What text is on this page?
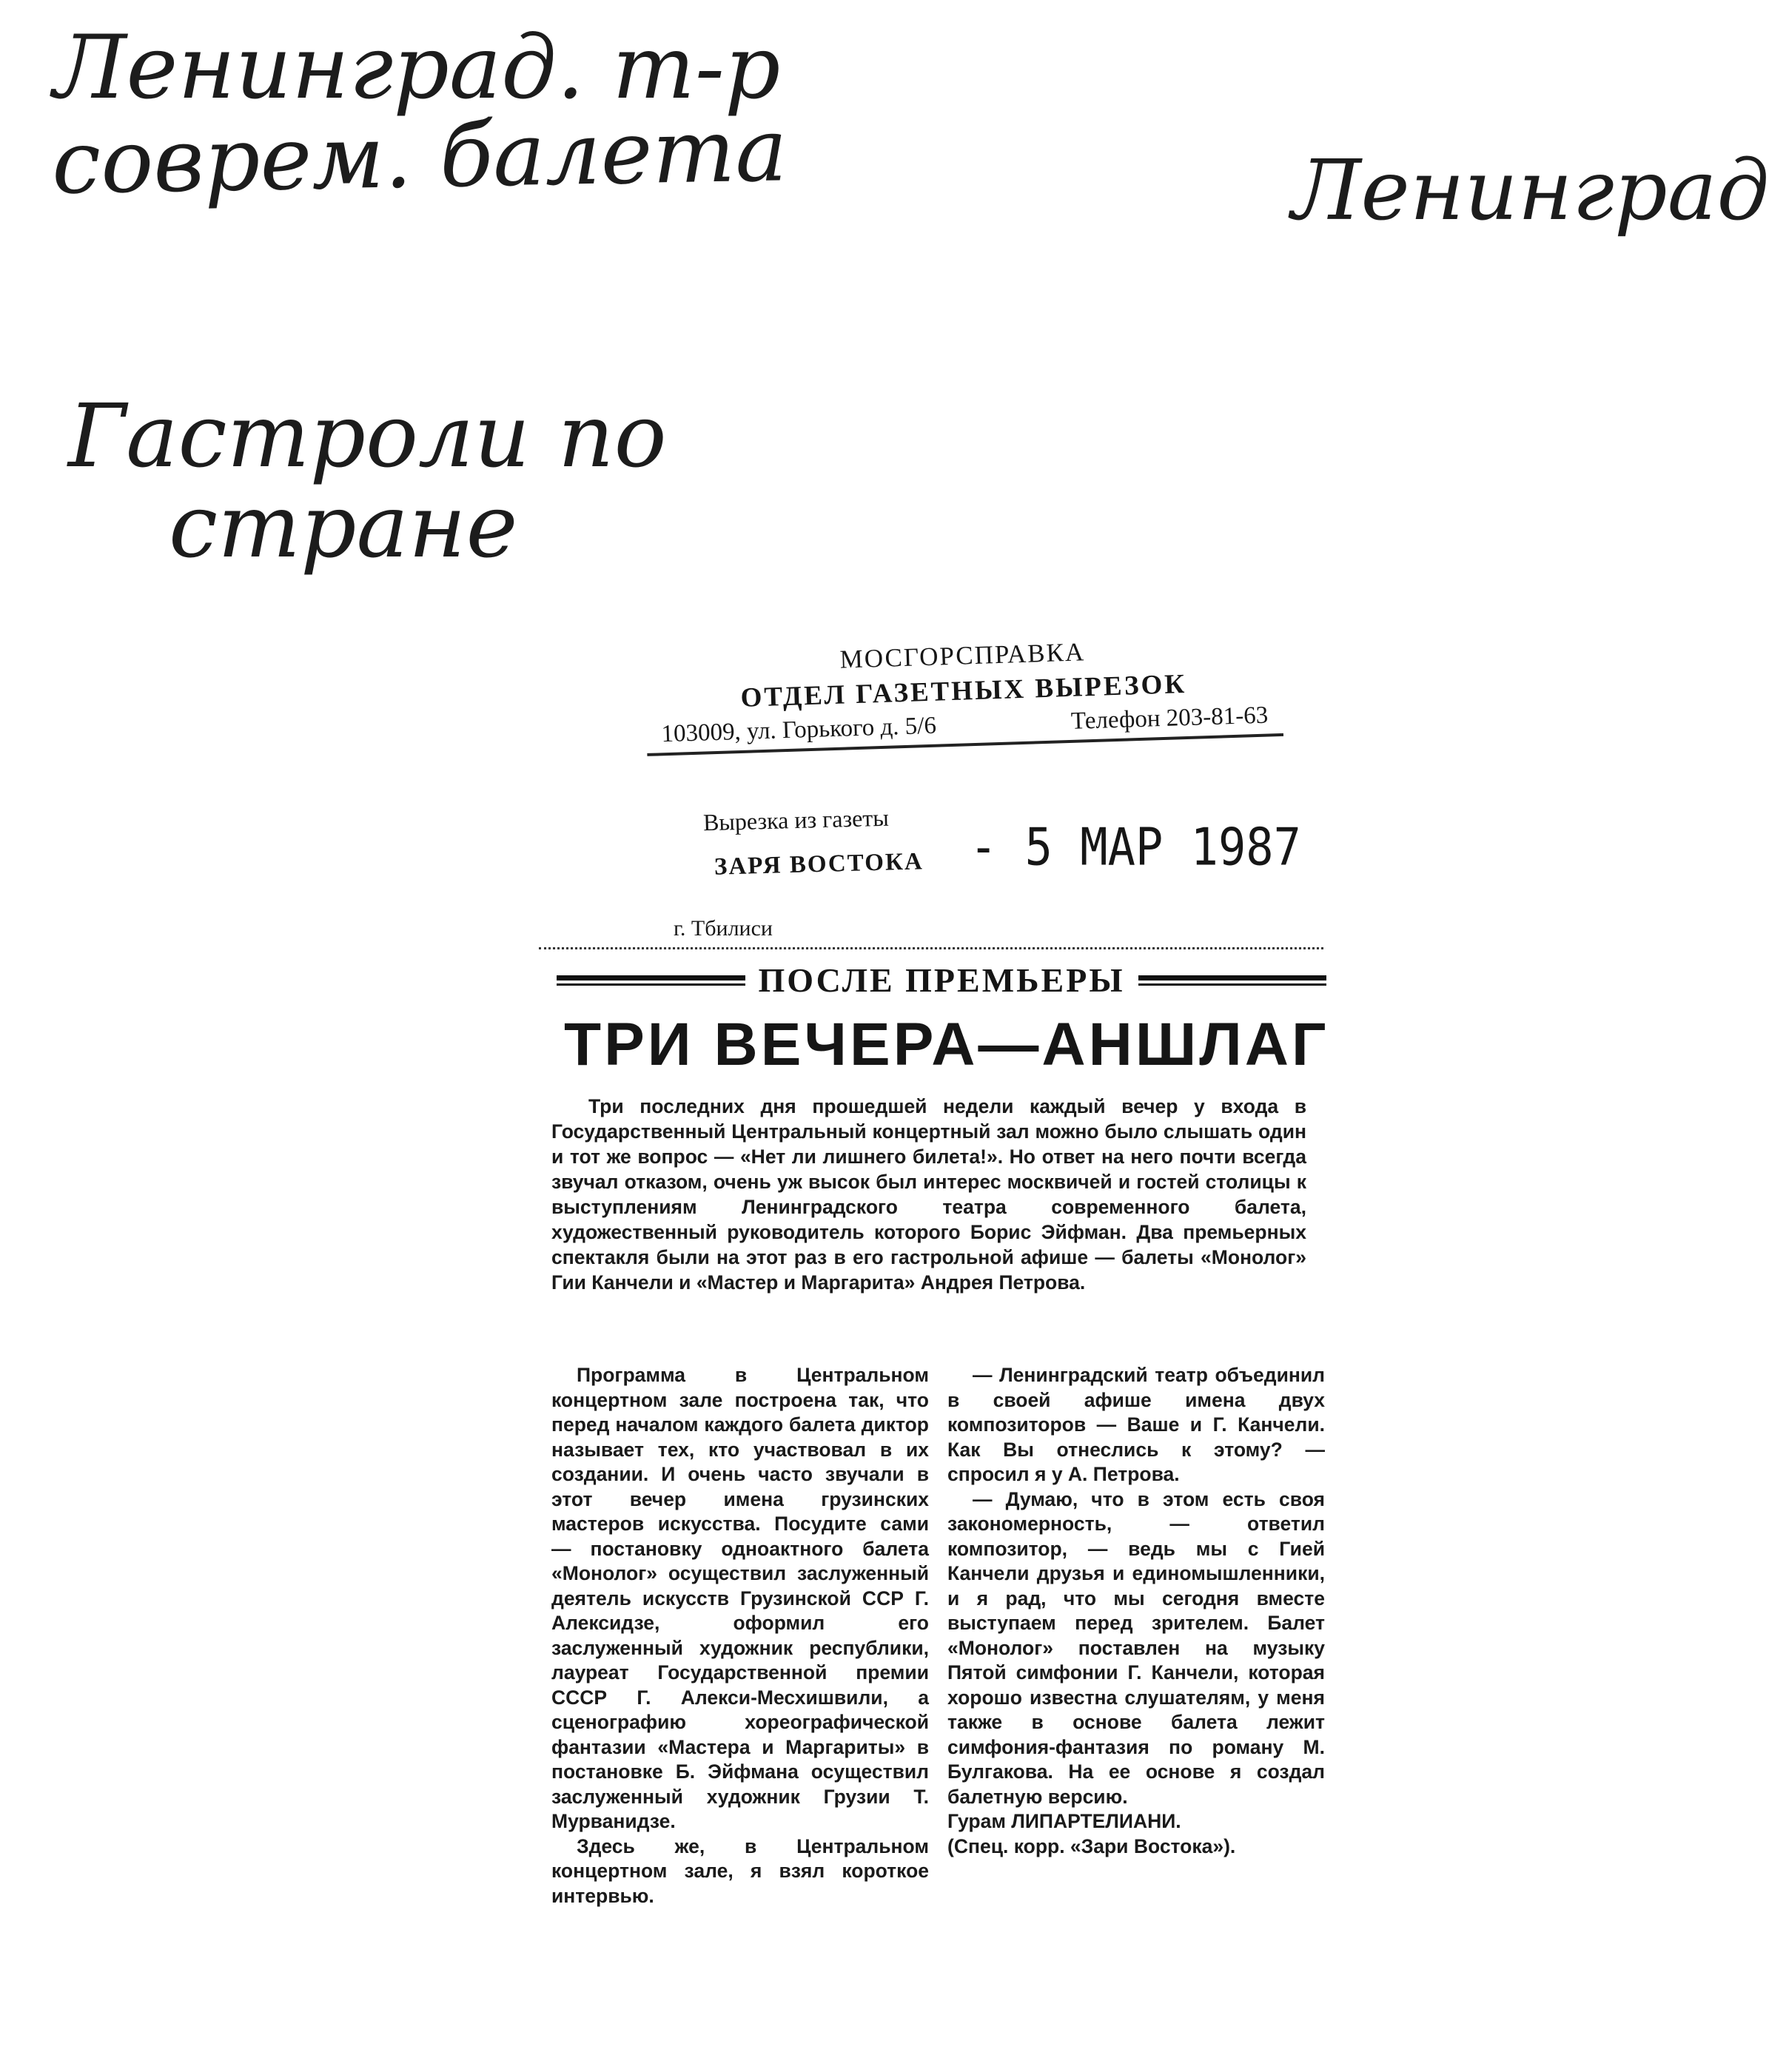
Ленинград. т-р
соврем. балета	Ленинград
Гастроли по
стране
МОСГОРСПРАВКА
ОТДЕЛ ГАЗЕТНЫХ ВЫРЕЗОК
103009, ул. Горького д. 5/6	Телефон 203-81-63
Вырезка из газеты
ЗАРЯ ВОСТОКА - 5 МАР 1987
г. Тбилиси
ПОСЛЕ ПРЕМЬЕРЫ
ТРИ ВЕЧЕРА—АНШЛАГ

Три последних дня прошедшей недели каждый вечер у входа в Государственный Центральный концертный зал можно было слышать один и тот же вопрос — «Нет ли лишнего билета!». Но ответ на него почти всегда звучал отказом, очень уж высок был интерес москвичей и гостей столицы к выступлениям Ленинградского театра современного балета, художественный руководитель которого Борис Эйфман. Два премьерных спектакля были на этот раз в его гастрольной афише — балеты «Монолог» Гии Канчели и «Мастер и Маргарита» Андрея Петрова.

Программа в Центральном концертном зале построена так, что перед началом каждого балета диктор называет тех, кто участвовал в их создании. И очень часто звучали в этот вечер имена грузинских мастеров искусства. Посудите сами — постановку одноактного балета «Монолог» осуществил заслуженный деятель искусств Грузинской ССР Г. Алексидзе, оформил его заслуженный художник республики, лауреат Государственной премии СССР Г. Алекси-Месхишвили, а сценографию хореографической фантазии «Мастера и Маргариты» в постановке Б. Эйфмана осуществил заслуженный художник Грузии Т. Мурванидзе.

Здесь же, в Центральном концертном зале, я взял короткое интервью.

— Ленинградский театр объединил в своей афише имена двух композиторов — Ваше и Г. Канчели. Как Вы отнеслись к этому? — спросил я у А. Петрова.

— Думаю, что в этом есть своя закономерность, — ответил композитор, — ведь мы с Гией Канчели друзья и единомышленники, и я рад, что мы сегодня вместе выступаем перед зрителем. Балет «Монолог» поставлен на музыку Пятой симфонии Г. Канчели, которая хорошо известна слушателям, у меня также в основе балета лежит симфония-фантазия по роману М. Булгакова. На ее основе я создал балетную версию.

Гурам ЛИПАРТЕЛИАНИ.

(Спец. корр. «Зари Востока»).
